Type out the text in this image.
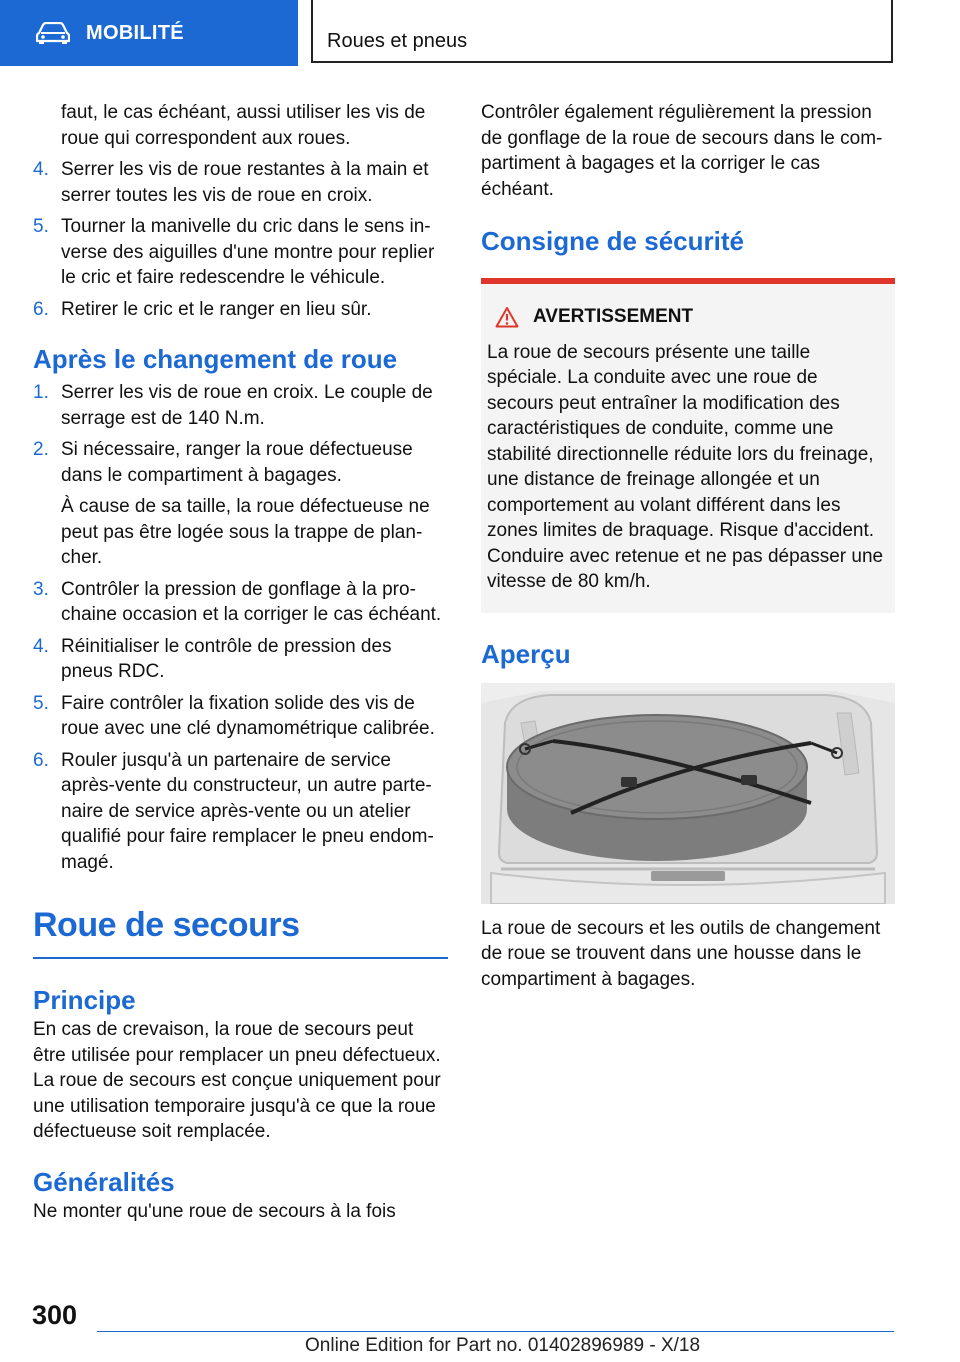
MOBILITÉ	Roues et pneus

faut, le cas échéant, aussi utiliser les vis de roue qui correspondent aux roues.

4. Serrer les vis de roue restantes à la main et serrer toutes les vis de roue en croix.
5. Tourner la manivelle du cric dans le sens inverse des aiguilles d'une montre pour replier le cric et faire redescendre le véhicule.
6. Retirer le cric et le ranger en lieu sûr.
Après le changement de roue
1. Serrer les vis de roue en croix. Le couple de serrage est de 140 N.m.
2. Si nécessaire, ranger la roue défectueuse dans le compartiment à bagages.
À cause de sa taille, la roue défectueuse ne peut pas être logée sous la trappe de plancher.
3. Contrôler la pression de gonflage à la prochaine occasion et la corriger le cas échéant.
4. Réinitialiser le contrôle de pression des pneus RDC.
5. Faire contrôler la fixation solide des vis de roue avec une clé dynamométrique calibrée.
6. Rouler jusqu'à un partenaire de service après-vente du constructeur, un autre partenaire de service après-vente ou un atelier qualifié pour faire remplacer le pneu endommagé.
Roue de secours
Principe

En cas de crevaison, la roue de secours peut être utilisée pour remplacer un pneu défectueux. La roue de secours est conçue uniquement pour une utilisation temporaire jusqu'à ce que la roue défectueuse soit remplacée.

Généralités

Ne monter qu'une roue de secours à la fois

Contrôler également régulièrement la pression de gonflage de la roue de secours dans le compartiment à bagages et la corriger le cas échéant.

Consigne de sécurité
AVERTISSEMENT

La roue de secours présente une taille spéciale. La conduite avec une roue de secours peut entraîner la modification des caractéristiques de conduite, comme une stabilité directionnelle réduite lors du freinage, une distance de freinage allongée et un comportement au volant différent dans les zones limites de braquage. Risque d'accident. Conduire avec retenue et ne pas dépasser une vitesse de 80 km/h.

Aperçu

La roue de secours et les outils de changement de roue se trouvent dans une housse dans le compartiment à bagages.

300
Online Edition for Part no. 01402896989 - X/18
